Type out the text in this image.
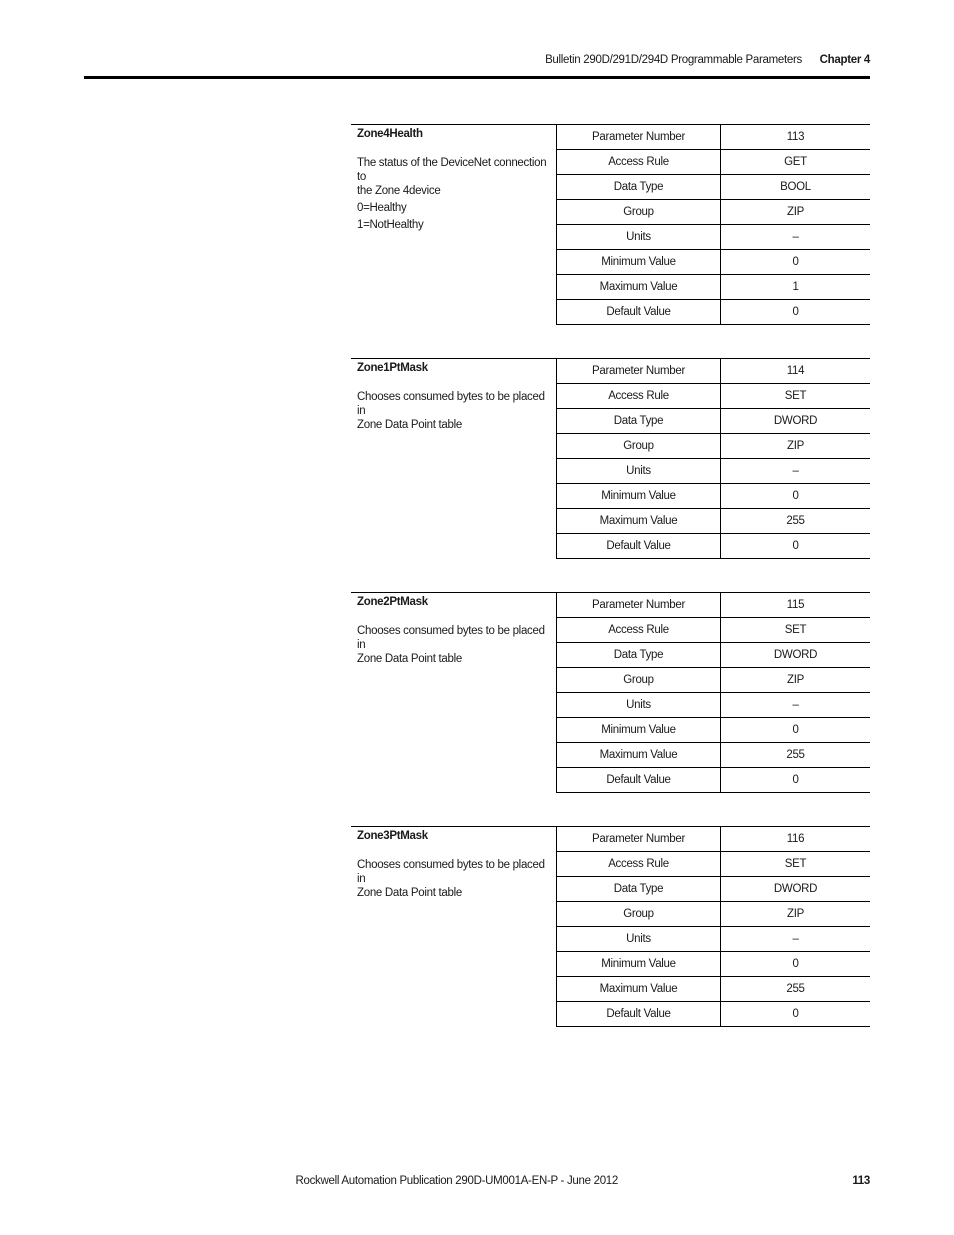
Bulletin 290D/291D/294D Programmable Parameters Chapter 4
Zone4Health
The status of the DeviceNet connection to
the Zone 4device
0=Healthy
1=NotHealthy	Parameter Number	113
	Access Rule	GET
	Data Type	BOOL
	Group	ZIP
	Units	–
	Minimum Value	0
	Maximum Value	1
	Default Value	0
Zone1PtMask
Chooses consumed bytes to be placed in
Zone Data Point table	Parameter Number	114
	Access Rule	SET
	Data Type	DWORD
	Group	ZIP
	Units	–
	Minimum Value	0
	Maximum Value	255
	Default Value	0
Zone2PtMask
Chooses consumed bytes to be placed in
Zone Data Point table	Parameter Number	115
	Access Rule	SET
	Data Type	DWORD
	Group	ZIP
	Units	–
	Minimum Value	0
	Maximum Value	255
	Default Value	0
Zone3PtMask
Chooses consumed bytes to be placed in
Zone Data Point table	Parameter Number	116
	Access Rule	SET
	Data Type	DWORD
	Group	ZIP
	Units	–
	Minimum Value	0
	Maximum Value	255
	Default Value	0
Rockwell Automation Publication 290D-UM001A-EN-P - June 2012	113
